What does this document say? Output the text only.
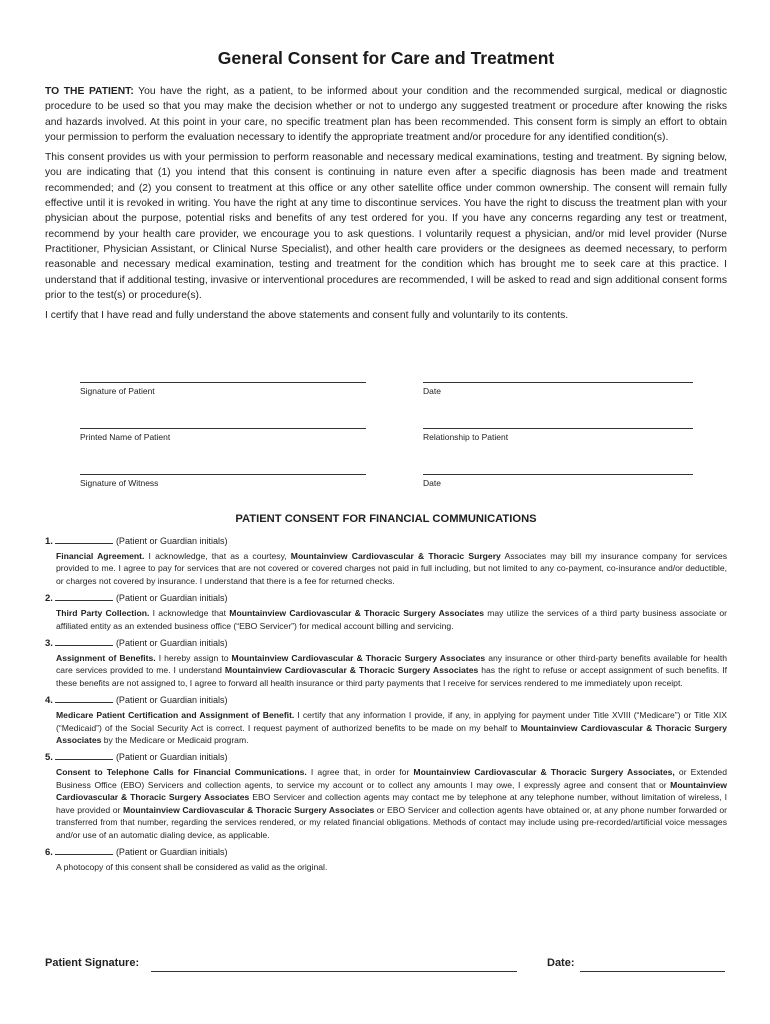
General Consent for Care and Treatment

TO THE PATIENT: You have the right, as a patient, to be informed about your condition and the recommended surgical, medical or diagnostic procedure to be used so that you may make the decision whether or not to undergo any suggested treatment or procedure after knowing the risks and hazards involved. At this point in your care, no specific treatment plan has been recommended. This consent form is simply an effort to obtain your permission to perform the evaluation necessary to identify the appropriate treatment and/or procedure for any identified condition(s).

This consent provides us with your permission to perform reasonable and necessary medical examinations, testing and treatment. By signing below, you are indicating that (1) you intend that this consent is continuing in nature even after a specific diagnosis has been made and treatment recommended; and (2) you consent to treatment at this office or any other satellite office under common ownership. The consent will remain fully effective until it is revoked in writing. You have the right at any time to discontinue services. You have the right to discuss the treatment plan with your physician about the purpose, potential risks and benefits of any test ordered for you. If you have any concerns regarding any test or treatment, recommend by your health care provider, we encourage you to ask questions. I voluntarily request a physician, and/or mid level provider (Nurse Practitioner, Physician Assistant, or Clinical Nurse Specialist), and other health care providers or the designees as deemed necessary, to perform reasonable and necessary medical examination, testing and treatment for the condition which has brought me to seek care at this practice. I understand that if additional testing, invasive or interventional procedures are recommended, I will be asked to read and sign additional consent forms prior to the test(s) or procedure(s).

I certify that I have read and fully understand the above statements and consent fully and voluntarily to its contents.

Signature of Patient	Date
Printed Name of Patient	Relationship to Patient
Signature of Witness	Date
PATIENT CONSENT FOR FINANCIAL COMMUNICATIONS
1.	(Patient or Guardian initials)
Financial Agreement. I acknowledge, that as a courtesy, Mountainview Cardiovascular & Thoracic Surgery Associates may bill my insurance company for services provided to me. I agree to pay for services that are not covered or covered charges not paid in full including, but not limited to any co-payment, co-insurance and/or deductible, or charges not covered by insurance. I understand that there is a fee for returned checks.
2.	(Patient or Guardian initials)
Third Party Collection. I acknowledge that Mountainview Cardiovascular & Thoracic Surgery Associates may utilize the services of a third party business associate or affiliated entity as an extended business office (“EBO Servicer”) for medical account billing and servicing.
3.	(Patient or Guardian initials)
Assignment of Benefits. I hereby assign to Mountainview Cardiovascular & Thoracic Surgery Associates any insurance or other third-party benefits available for health care services provided to me. I understand Mountainview Cardiovascular & Thoracic Surgery Associates has the right to refuse or accept assignment of such benefits. If these benefits are not assigned to, I agree to forward all health insurance or third party payments that I receive for services rendered to me immediately upon receipt.
4.	(Patient or Guardian initials)
Medicare Patient Certification and Assignment of Benefit. I certify that any information I provide, if any, in applying for payment under Title XVIII (“Medicare”) or Title XIX (“Medicaid”) of the Social Security Act is correct. I request payment of authorized benefits to be made on my behalf to Mountainview Cardiovascular & Thoracic Surgery Associates by the Medicare or Medicaid program.
5.	(Patient or Guardian initials)
Consent to Telephone Calls for Financial Communications. I agree that, in order for Mountainview Cardiovascular & Thoracic Surgery Associates, or Extended Business Office (EBO) Servicers and collection agents, to service my account or to collect any amounts I may owe, I expressly agree and consent that or Mountainview Cardiovascular & Thoracic Surgery Associates EBO Servicer and collection agents may contact me by telephone at any telephone number, without limitation of wireless, I have provided or Mountainview Cardiovascular & Thoracic Surgery Associates or EBO Servicer and collection agents have obtained or, at any phone number forwarded or transferred from that number, regarding the services rendered, or my related financial obligations. Methods of contact may include using pre-recorded/artificial voice messages and/or use of an automatic dialing device, as applicable.
6.	(Patient or Guardian initials)
A photocopy of this consent shall be considered as valid as the original.
Patient Signature:	Date:
